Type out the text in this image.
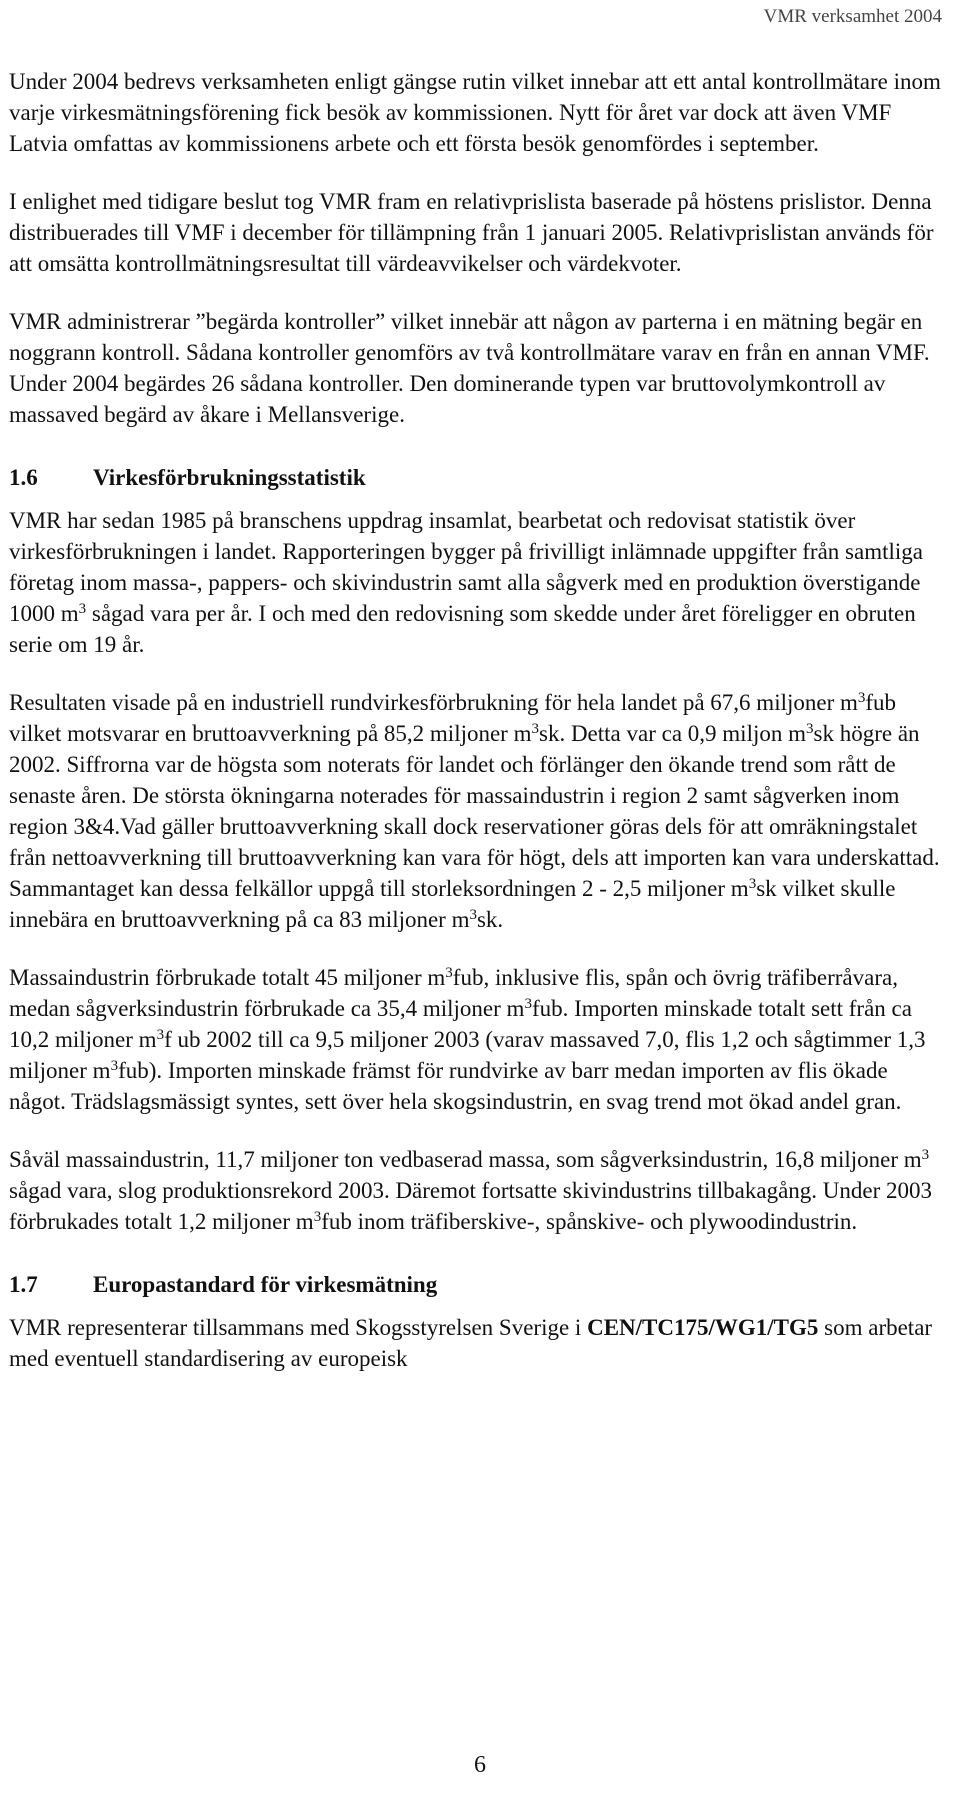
VMR verksamhet 2004

Under 2004 bedrevs verksamheten enligt gängse rutin vilket innebar att ett antal kontrollmätare inom varje virkesmätningsförening fick besök av kommissionen. Nytt för året var dock att även VMF Latvia omfattas av kommissionens arbete och ett första besök genomfördes i september.

I enlighet med tidigare beslut tog VMR fram en relativprislista baserade på höstens prislistor. Denna distribuerades till VMF i december för tillämpning från 1 januari 2005. Relativprislistan används för att omsätta kontrollmätningsresultat till värdeavvikelser och värdekvoter.

VMR administrerar ”begärda kontroller” vilket innebär att någon av parterna i en mätning begär en noggrann kontroll. Sådana kontroller genomförs av två kontrollmätare varav en från en annan VMF. Under 2004 begärdes 26 sådana kontroller. Den dominerande typen var bruttovolymkontroll av massaved begärd av åkare i Mellansverige.

1.6	Virkesförbrukningsstatistik

VMR har sedan 1985 på branschens uppdrag insamlat, bearbetat och redovisat statistik över virkesförbrukningen i landet. Rapporteringen bygger på frivilligt inlämnade uppgifter från samtliga företag inom massa-, pappers- och skivindustrin samt alla sågverk med en produktion överstigande 1000 $m^3$ sågad vara per år. I och med den redovisning som skedde under året föreligger en obruten serie om 19 år.

Resultaten visade på en industriell rundvirkesförbrukning för hela landet på 67,6 miljoner $m^3fub$ vilket motsvarar en bruttoavverkning på 85,2 miljoner $m^3sk$. Detta var ca 0,9 miljon $m^3sk$ högre än 2002. Siffrorna var de högsta som noterats för landet och förlänger den ökande trend som rått de senaste åren. De största ökningarna noterades för massaindustrin i region 2 samt sågverken inom region 3&4.Vad gäller bruttoavverkning skall dock reservationer göras dels för att omräkningstalet från nettoavverkning till bruttoavverkning kan vara för högt, dels att importen kan vara underskattad. Sammantaget kan dessa felkällor uppgå till storleksordningen 2 - 2,5 miljoner $m^3sk$ vilket skulle innebära en bruttoavverkning på ca 83 miljoner $m^3sk$.

Massaindustrin förbrukade totalt 45 miljoner $m^3fub$, inklusive flis, spån och övrig träfiberråvara, medan sågverksindustrin förbrukade ca 35,4 miljoner $m^3fub$. Importen minskade totalt sett från ca 10,2 miljoner $m^3f$ ub 2002 till ca 9,5 miljoner 2003 (varav massaved 7,0, flis 1,2 och sågtimmer 1,3 miljoner $m^3fub$). Importen minskade främst för rundvirke av barr medan importen av flis ökade något. Trädslagsmässigt syntes, sett över hela skogsindustrin, en svag trend mot ökad andel gran.

Såväl massaindustrin, 11,7 miljoner ton vedbaserad massa, som sågverksindustrin, 16,8 miljoner $m^3$ sågad vara, slog produktionsrekord 2003. Däremot fortsatte skivindustrins tillbakagång. Under 2003 förbrukades totalt 1,2 miljoner $m^3fub$ inom träfiberskive-, spånskive- och plywoodindustrin.

1.7	Europastandard för virkesmätning

VMR representerar tillsammans med Skogsstyrelsen Sverige i CEN/TC175/WG1/TG5 som arbetar med eventuell standardisering av europeisk

6
